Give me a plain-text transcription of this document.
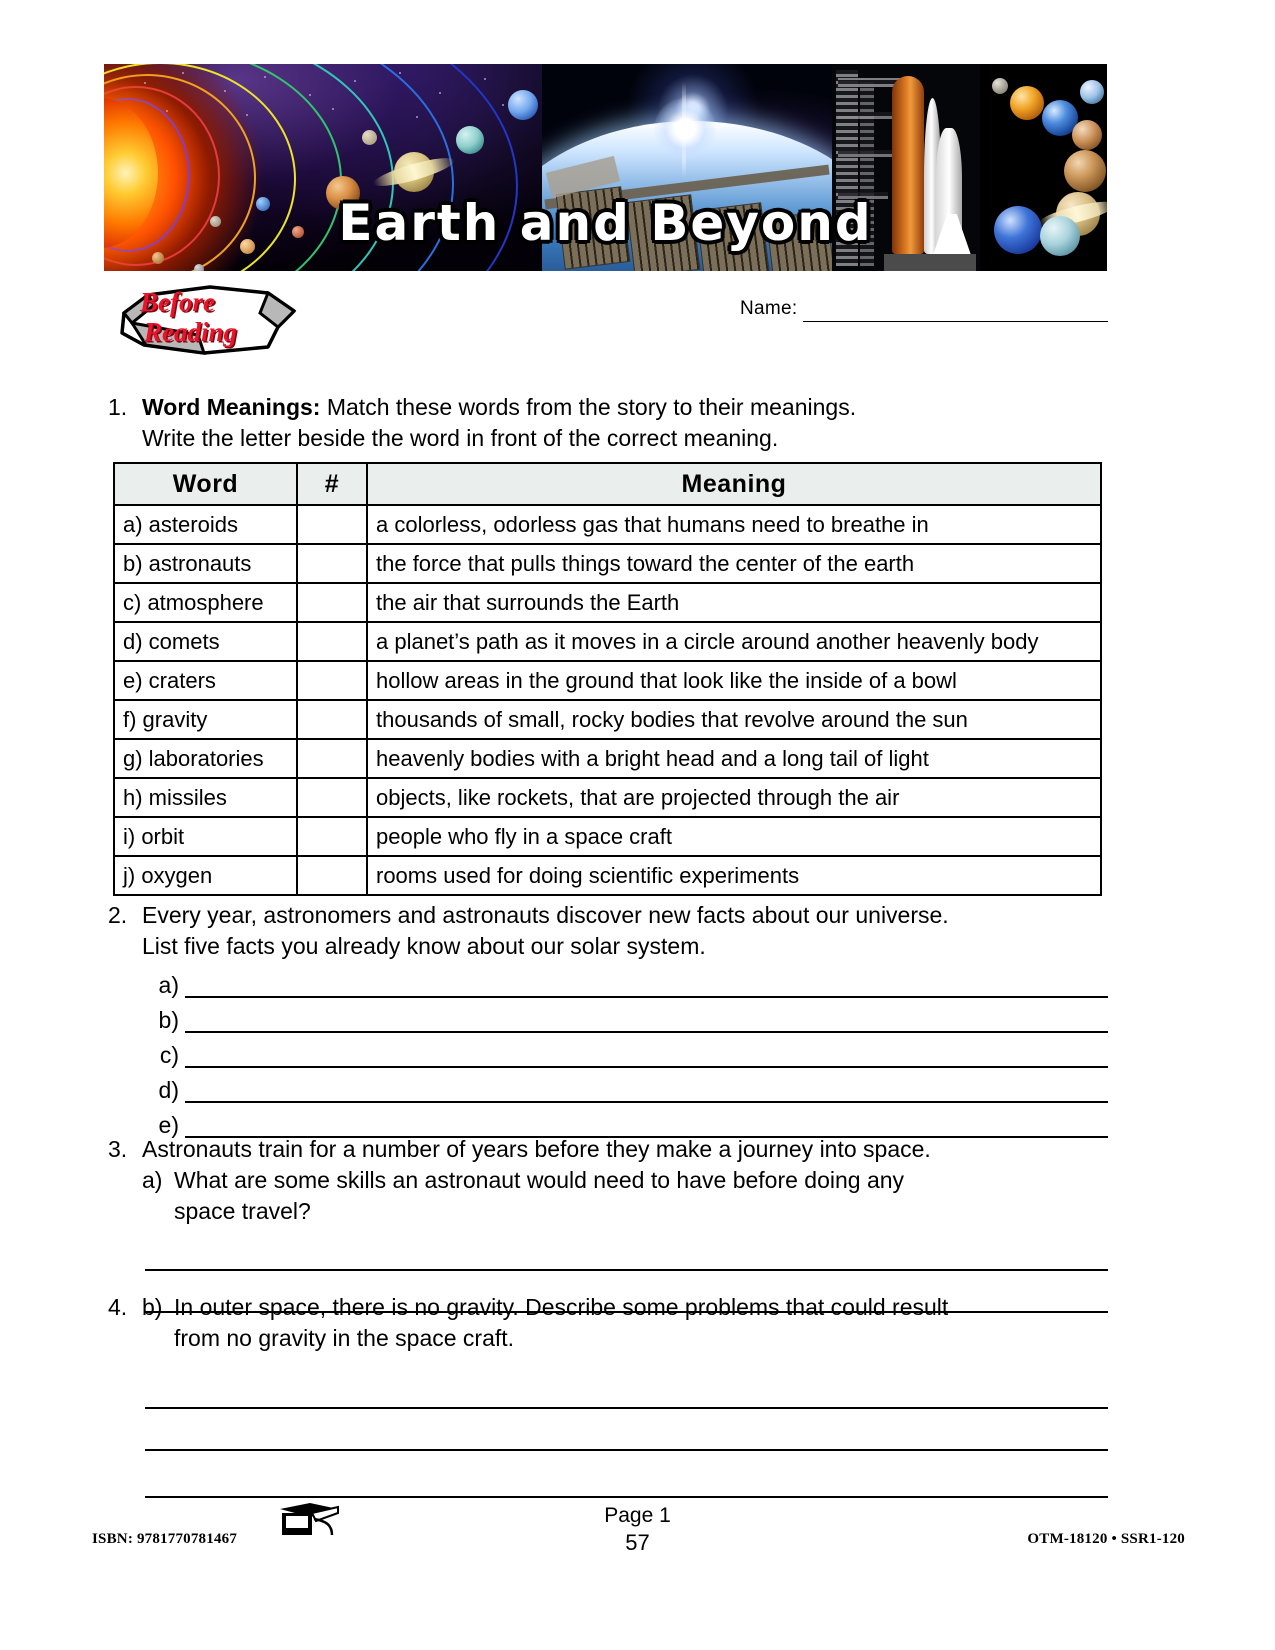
Earth and Beyond
Before
Reading
Name:
1. Word Meanings: Match these words from the story to their meanings.
Write the letter beside the word in front of the correct meaning.
Word	#	Meaning
a) asteroids		a colorless, odorless gas that humans need to breathe in
b) astronauts		the force that pulls things toward the center of the earth
c) atmosphere		the air that surrounds the Earth
d) comets		a planet’s path as it moves in a circle around another heavenly body
e) craters		hollow areas in the ground that look like the inside of a bowl
f) gravity		thousands of small, rocky bodies that revolve around the sun
g) laboratories		heavenly bodies with a bright head and a long tail of light
h) missiles		objects, like rockets, that are projected through the air
i) orbit		people who fly in a space craft
j) oxygen		rooms used for doing scientific experiments
2. Every year, astronomers and astronauts discover new facts about our universe.
List five facts you already know about our solar system.
a)
b)
c)
d)
e)
3. Astronauts train for a number of years before they make a journey into space.
a) What are some skills an astronaut would need to have before doing any
space travel?
4. b) In outer space, there is no gravity. Describe some problems that could result
from no gravity in the space craft.
Page 1
57
ISBN: 9781770781467	OTM-18120 • SSR1-120
